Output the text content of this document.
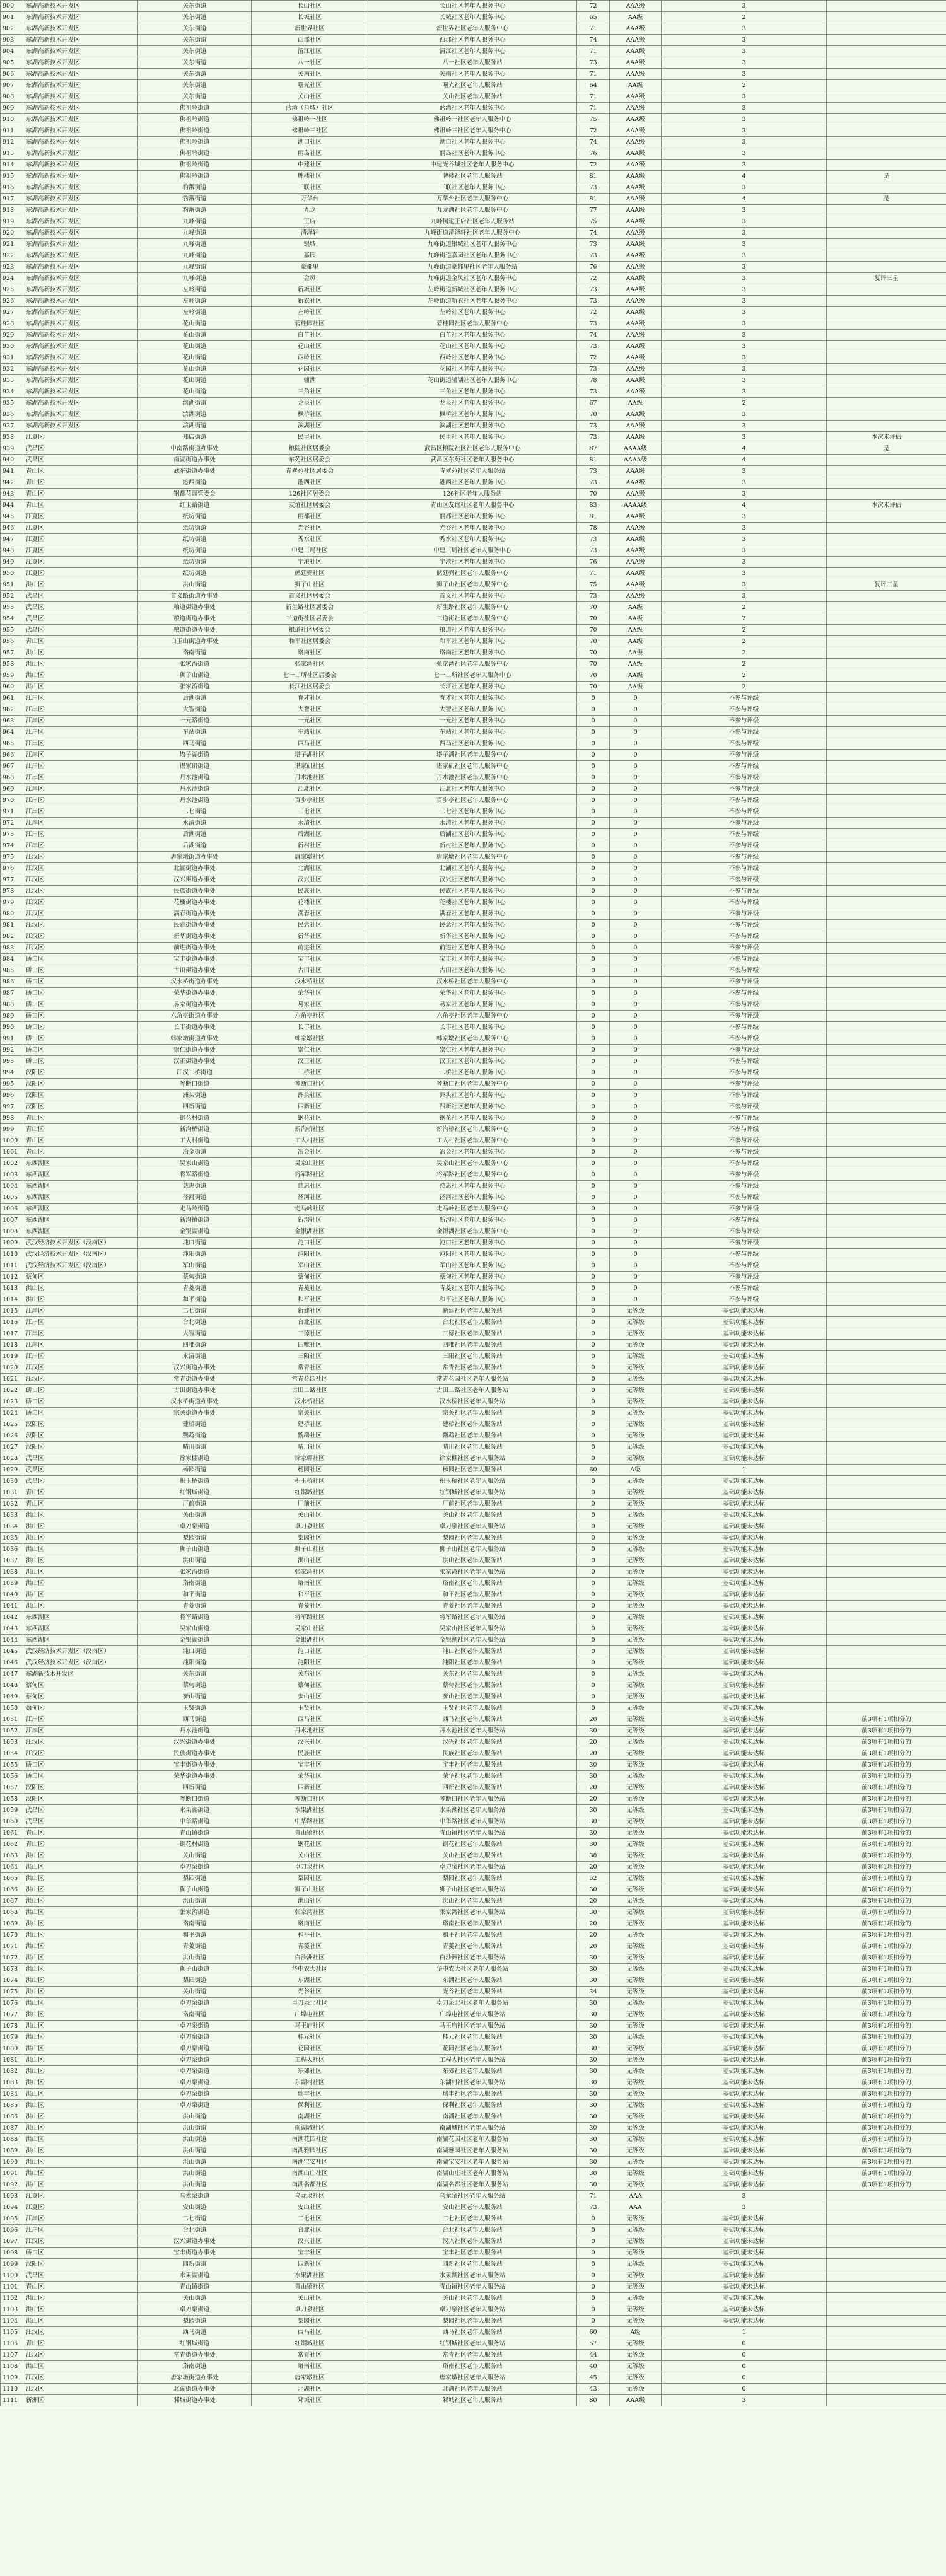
900	东湖高新技术开发区	关东街道	长山社区	长山社区老年人服务中心	72	AAA级	3	
901	东湖高新技术开发区	关东街道	长城社区	长城社区老年人服务中心	65	AA级	2	
902	东湖高新技术开发区	关东街道	新世界社区	新世界社区老年人服务中心	71	AAA级	3	
903	东湖高新技术开发区	关东街道	西郡社区	西郡社区老年人服务中心	74	AAA级	3	
904	东湖高新技术开发区	关东街道	清江社区	清江社区老年人服务中心	71	AAA级	3	
905	东湖高新技术开发区	关东街道	八一社区	八一社区老年人服务站	73	AAA级	3	
906	东湖高新技术开发区	关东街道	关南社区	关南社区老年人服务中心	71	AAA级	3	
907	东湖高新技术开发区	关东街道	曙光社区	曙光社区老年人服务站	64	AA级	2	
908	东湖高新技术开发区	关东街道	关山社区	关山社区老年人服务站	71	AAA级	3	
909	东湖高新技术开发区	佛祖岭街道	蓝湾（星城）社区	蓝湾社区老年人服务中心	71	AAA级	3	
910	东湖高新技术开发区	佛祖岭街道	佛祖岭一社区	佛祖岭一社区老年人服务中心	75	AAA级	3	
911	东湖高新技术开发区	佛祖岭街道	佛祖岭三社区	佛祖岭三社区老年人服务中心	72	AAA级	3	
912	东湖高新技术开发区	佛祖岭街道	湖口社区	湖口社区老年人服务中心	74	AAA级	3	
913	东湖高新技术开发区	佛祖岭街道	丽岛社区	丽岛社区老年人服务中心	76	AAA级	3	
914	东湖高新技术开发区	佛祖岭街道	中建社区	中建光谷城社区老年人服务中心	72	AAA级	3	
915	东湖高新技术开发区	佛祖岭街道	牌楼社区	牌楼社区老年人服务站	81	AAA级	4	是
916	东湖高新技术开发区	豹澥街道	三联社区	三联社区老年人服务中心	73	AAA级	3	
917	东湖高新技术开发区	豹澥街道	万华台	万华台社区老年人服务中心	81	AAA级	4	是
918	东湖高新技术开发区	豹澥街道	九龙	九龙湖社区老年人服务中心	77	AAA级	3	
919	东湖高新技术开发区	九峰街道	王店	九峰街道王店社区老年人服务站	75	AAA级	3	
920	东湖高新技术开发区	九峰街道	清泽轩	九峰街道清泽轩社区老年人服务中心	74	AAA级	3	
921	东湖高新技术开发区	九峰街道	银城	九峰街道银城社区老年人服务中心	73	AAA级	3	
922	东湖高新技术开发区	九峰街道	嘉园	九峰街道嘉园社区老年人服务中心	73	AAA级	3	
923	东湖高新技术开发区	九峰街道	豪都里	九峰街道豪都里社区老年人服务站	76	AAA级	3	
924	东湖高新技术开发区	九峰街道	金凤	九峰街道金凤社区老年人服务中心	72	AAA级	3	复评三星
925	东湖高新技术开发区	左岭街道	新城社区	左岭街道新城社区老年人服务中心	73	AAA级	3	
926	东湖高新技术开发区	左岭街道	新农社区	左岭街道新农社区老年人服务中心	73	AAA级	3	
927	东湖高新技术开发区	左岭街道	左岭社区	左岭社区老年人服务中心	72	AAA级	3	
928	东湖高新技术开发区	花山街道	碧桂园社区	碧桂园社区老年人服务中心	73	AAA级	3	
929	东湖高新技术开发区	花山街道	白羊社区	白羊社区老年人服务中心	74	AAA级	3	
930	东湖高新技术开发区	花山街道	花山社区	花山社区老年人服务中心	73	AAA级	3	
931	东湖高新技术开发区	花山街道	西岭社区	西岭社区老年人服务中心	72	AAA级	3	
932	东湖高新技术开发区	花山街道	花园社区	花园社区老年人服务中心	73	AAA级	3	
933	东湖高新技术开发区	花山街道	辅湖	花山街道辅湖社区老年人服务中心	78	AAA级	3	
934	东湖高新技术开发区	花山街道	三角社区	三角社区老年人服务中心	73	AAA级	3	
935	东湖高新技术开发区	滨湖街道	龙泉社区	龙泉社区老年人服务中心	67	AA级	2	
936	东湖高新技术开发区	滨湖街道	枫桥社区	枫桥社区老年人服务中心	70	AAA级	3	
937	东湖高新技术开发区	滨湖街道	滨湖社区	滨湖社区老年人服务中心	73	AAA级	3	
938	江夏区	郑店街道	民主社区	民主社区老年人服务中心	73	AAA级	3	本次未评估
939	武昌区	中南路街道办事处	粮院社区居委会	武昌区粮院社区社区老年人服务中心	87	AAAA级	4	是
940	武昌区	南湖街道办事处	东苑社区居委会	武昌区东苑社区老年人服务中心	81	AAAA级	4	
941	青山区	武东街道办事处	青翠苑社区居委会	青翠苑社区老年人服务站	73	AAA级	3	
942	青山区	港西街道	港西社区	港西社区老年人服务中心	73	AAA级	3	
943	青山区	钢都花园管委会	126社区居委会	126社区老年人服务站	70	AAA级	3	
944	青山区	红卫路街道	友谊社区居委会	青山区友谊社区老年人服务中心	83	AAAA级	4	本次未评估
945	江夏区	纸坊街道	丽都社区	丽都社区老年人服务中心	81	AAA级	3	
946	江夏区	纸坊街道	光谷社区	光谷社区老年人服务中心	78	AAA级	3	
947	江夏区	纸坊街道	秀水社区	秀水社区老年人服务中心	73	AAA级	3	
948	江夏区	纸坊街道	中建三局社区	中建三局社区老年人服务中心	73	AAA级	3	
949	江夏区	纸坊街道	宁港社区	宁港社区老年人服务中心	76	AAA级	3	
950	江夏区	纸坊街道	熊廷弼社区	熊廷弼社区老年人服务中心	71	AAA级	3	
951	洪山区	洪山街道	狮子山社区	狮子山社区老年人服务中心	75	AAA级	3	复评三星
952	武昌区	首义路街道办事处	首义社区居委会	首义社区老年人服务中心	73	AAA级	3	
953	武昌区	粮道街道办事处	新生路社区居委会	新生路社区老年人服务中心	70	AA级	2	
954	武昌区	粮道街道办事处	三道街社区居委会	三道街社区老年人服务中心	70	AA级	2	
955	武昌区	粮道街道办事处	粮道社区居委会	粮道社区老年人服务中心	70	AA级	2	
956	青山区	白玉山街道办事处	和平社区居委会	和平社区老年人服务中心	70	AA级	2	
957	洪山区	珞南街道	珞南社区	珞南社区老年人服务中心	70	AA级	2	
958	洪山区	张家湾街道	张家湾社区	张家湾社区老年人服务中心	70	AA级	2	
959	洪山区	狮子山街道	七一二所社区居委会	七一二所社区老年人服务中心	70	AA级	2	
960	洪山区	张家湾街道	长江社区居委会	长江社区老年人服务中心	70	AA级	2	
961	江岸区	后湖街道	育才社区	育才社区老年人服务中心	0	0	不参与评级	
962	江岸区	大智街道	大智社区	大智社区老年人服务中心	0	0	不参与评级	
963	江岸区	一元路街道	一元社区	一元社区老年人服务中心	0	0	不参与评级	
964	江岸区	车站街道	车站社区	车站社区老年人服务中心	0	0	不参与评级	
965	江岸区	西马街道	西马社区	西马社区老年人服务中心	0	0	不参与评级	
966	江岸区	塔子湖街道	塔子湖社区	塔子湖社区老年人服务中心	0	0	不参与评级	
967	江岸区	谌家矶街道	谌家矶社区	谌家矶社区老年人服务中心	0	0	不参与评级	
968	江岸区	丹水池街道	丹水池社区	丹水池社区老年人服务中心	0	0	不参与评级	
969	江岸区	丹水池街道	江北社区	江北社区老年人服务中心	0	0	不参与评级	
970	江岸区	丹水池街道	百步亭社区	百步亭社区老年人服务中心	0	0	不参与评级	
971	江岸区	二七街道	二七社区	二七社区老年人服务中心	0	0	不参与评级	
972	江岸区	永清街道	永清社区	永清社区老年人服务中心	0	0	不参与评级	
973	江岸区	后湖街道	后湖社区	后湖社区老年人服务中心	0	0	不参与评级	
974	江岸区	后湖街道	新村社区	新村社区老年人服务中心	0	0	不参与评级	
975	江汉区	唐家墩街道办事处	唐家墩社区	唐家墩社区老年人服务中心	0	0	不参与评级	
976	江汉区	北湖街道办事处	北湖社区	北湖社区老年人服务中心	0	0	不参与评级	
977	江汉区	汉兴街道办事处	汉兴社区	汉兴社区老年人服务中心	0	0	不参与评级	
978	江汉区	民族街道办事处	民族社区	民族社区老年人服务中心	0	0	不参与评级	
979	江汉区	花楼街道办事处	花楼社区	花楼社区老年人服务中心	0	0	不参与评级	
980	江汉区	满春街道办事处	满春社区	满春社区老年人服务中心	0	0	不参与评级	
981	江汉区	民意街道办事处	民意社区	民意社区老年人服务中心	0	0	不参与评级	
982	江汉区	新华街道办事处	新华社区	新华社区老年人服务中心	0	0	不参与评级	
983	江汉区	前进街道办事处	前进社区	前进社区老年人服务中心	0	0	不参与评级	
984	硚口区	宝丰街道办事处	宝丰社区	宝丰社区老年人服务中心	0	0	不参与评级	
985	硚口区	古田街道办事处	古田社区	古田社区老年人服务中心	0	0	不参与评级	
986	硚口区	汉水桥街道办事处	汉水桥社区	汉水桥社区老年人服务中心	0	0	不参与评级	
987	硚口区	荣华街道办事处	荣华社区	荣华社区老年人服务中心	0	0	不参与评级	
988	硚口区	易家街道办事处	易家社区	易家社区老年人服务中心	0	0	不参与评级	
989	硚口区	六角亭街道办事处	六角亭社区	六角亭社区老年人服务中心	0	0	不参与评级	
990	硚口区	长丰街道办事处	长丰社区	长丰社区老年人服务中心	0	0	不参与评级	
991	硚口区	韩家墩街道办事处	韩家墩社区	韩家墩社区老年人服务中心	0	0	不参与评级	
992	硚口区	崇仁街道办事处	崇仁社区	崇仁社区老年人服务中心	0	0	不参与评级	
993	硚口区	汉正街道办事处	汉正社区	汉正社区老年人服务中心	0	0	不参与评级	
994	汉阳区	江汉二桥街道	二桥社区	二桥社区老年人服务中心	0	0	不参与评级	
995	汉阳区	琴断口街道	琴断口社区	琴断口社区老年人服务中心	0	0	不参与评级	
996	汉阳区	洲头街道	洲头社区	洲头社区老年人服务中心	0	0	不参与评级	
997	汉阳区	四新街道	四新社区	四新社区老年人服务中心	0	0	不参与评级	
998	青山区	钢花村街道	钢花社区	钢花社区老年人服务中心	0	0	不参与评级	
999	青山区	新沟桥街道	新沟桥社区	新沟桥社区老年人服务中心	0	0	不参与评级	
1000	青山区	工人村街道	工人村社区	工人村社区老年人服务中心	0	0	不参与评级	
1001	青山区	冶金街道	冶金社区	冶金社区老年人服务中心	0	0	不参与评级	
1002	东西湖区	吴家山街道	吴家山社区	吴家山社区老年人服务中心	0	0	不参与评级	
1003	东西湖区	将军路街道	将军路社区	将军路社区老年人服务中心	0	0	不参与评级	
1004	东西湖区	慈惠街道	慈惠社区	慈惠社区老年人服务中心	0	0	不参与评级	
1005	东西湖区	径河街道	径河社区	径河社区老年人服务中心	0	0	不参与评级	
1006	东西湖区	走马岭街道	走马岭社区	走马岭社区老年人服务中心	0	0	不参与评级	
1007	东西湖区	新沟镇街道	新沟社区	新沟社区老年人服务中心	0	0	不参与评级	
1008	东西湖区	金银湖街道	金银湖社区	金银湖社区老年人服务中心	0	0	不参与评级	
1009	武汉经济技术开发区（汉南区）	沌口街道	沌口社区	沌口社区老年人服务中心	0	0	不参与评级	
1010	武汉经济技术开发区（汉南区）	沌阳街道	沌阳社区	沌阳社区老年人服务中心	0	0	不参与评级	
1011	武汉经济技术开发区（汉南区）	军山街道	军山社区	军山社区老年人服务中心	0	0	不参与评级	
1012	蔡甸区	蔡甸街道	蔡甸社区	蔡甸社区老年人服务中心	0	0	不参与评级	
1013	洪山区	青菱街道	青菱社区	青菱社区老年人服务中心	0	0	不参与评级	
1014	洪山区	和平街道	和平社区	和平社区老年人服务中心	0	0	不参与评级	
1015	江岸区	二七街道	新建社区	新建社区老年人服务站	0	无等级	基础功能未达标	
1016	江岸区	台北街道	台北社区	台北社区老年人服务站	0	无等级	基础功能未达标	
1017	江岸区	大智街道	三德社区	三德社区老年人服务站	0	无等级	基础功能未达标	
1018	江岸区	四唯街道	四唯社区	四唯社区老年人服务站	0	无等级	基础功能未达标	
1019	江岸区	永清街道	三阳社区	三阳社区老年人服务站	0	无等级	基础功能未达标	
1020	江汉区	汉兴街道办事处	常青社区	常青社区老年人服务站	0	无等级	基础功能未达标	
1021	江汉区	常青街道办事处	常青花园社区	常青花园社区老年人服务站	0	无等级	基础功能未达标	
1022	硚口区	古田街道办事处	古田二路社区	古田二路社区老年人服务站	0	无等级	基础功能未达标	
1023	硚口区	汉水桥街道办事处	汉水桥社区	汉水桥社区老年人服务站	0	无等级	基础功能未达标	
1024	硚口区	宗关街道办事处	宗关社区	宗关社区老年人服务站	0	无等级	基础功能未达标	
1025	汉阳区	建桥街道	建桥社区	建桥社区老年人服务站	0	无等级	基础功能未达标	
1026	汉阳区	鹦鹉街道	鹦鹉社区	鹦鹉社区老年人服务站	0	无等级	基础功能未达标	
1027	汉阳区	晴川街道	晴川社区	晴川社区老年人服务站	0	无等级	基础功能未达标	
1028	武昌区	徐家棚街道	徐家棚社区	徐家棚社区老年人服务站	0	无等级	基础功能未达标	
1029	武昌区	杨园街道	杨园社区	杨园社区老年人服务站	60	A级	1	
1030	武昌区	积玉桥街道	积玉桥社区	积玉桥社区老年人服务站	0	无等级	基础功能未达标	
1031	青山区	红钢城街道	红钢城社区	红钢城社区老年人服务站	0	无等级	基础功能未达标	
1032	青山区	厂前街道	厂前社区	厂前社区老年人服务站	0	无等级	基础功能未达标	
1033	洪山区	关山街道	关山社区	关山社区老年人服务站	0	无等级	基础功能未达标	
1034	洪山区	卓刀泉街道	卓刀泉社区	卓刀泉社区老年人服务站	0	无等级	基础功能未达标	
1035	洪山区	梨园街道	梨园社区	梨园社区老年人服务站	0	无等级	基础功能未达标	
1036	洪山区	狮子山街道	狮子山社区	狮子山社区老年人服务站	0	无等级	基础功能未达标	
1037	洪山区	洪山街道	洪山社区	洪山社区老年人服务站	0	无等级	基础功能未达标	
1038	洪山区	张家湾街道	张家湾社区	张家湾社区老年人服务站	0	无等级	基础功能未达标	
1039	洪山区	珞南街道	珞南社区	珞南社区老年人服务站	0	无等级	基础功能未达标	
1040	洪山区	和平街道	和平社区	和平社区老年人服务站	0	无等级	基础功能未达标	
1041	洪山区	青菱街道	青菱社区	青菱社区老年人服务站	0	无等级	基础功能未达标	
1042	东西湖区	将军路街道	将军路社区	将军路社区老年人服务站	0	无等级	基础功能未达标	
1043	东西湖区	吴家山街道	吴家山社区	吴家山社区老年人服务站	0	无等级	基础功能未达标	
1044	东西湖区	金银湖街道	金银湖社区	金银湖社区老年人服务站	0	无等级	基础功能未达标	
1045	武汉经济技术开发区（汉南区）	沌口街道	沌口社区	沌口社区老年人服务站	0	无等级	基础功能未达标	
1046	武汉经济技术开发区（汉南区）	沌阳街道	沌阳社区	沌阳社区老年人服务站	0	无等级	基础功能未达标	
1047	东湖新技术开发区	关东街道	关东社区	关东社区老年人服务站	0	无等级	基础功能未达标	
1048	蔡甸区	蔡甸街道	蔡甸社区	蔡甸社区老年人服务站	0	无等级	基础功能未达标	
1049	蔡甸区	奓山街道	奓山社区	奓山社区老年人服务站	0	无等级	基础功能未达标	
1050	蔡甸区	玉贤街道	玉贤社区	玉贤社区老年人服务站	0	无等级	基础功能未达标	
1051	江岸区	西马街道	西马社区	西马社区老年人服务站	20	无等级	基础功能未达标	前3项有1项扣分的
1052	江岸区	丹水池街道	丹水池社区	丹水池社区老年人服务站	30	无等级	基础功能未达标	前3项有1项扣分的
1053	江汉区	汉兴街道办事处	汉兴社区	汉兴社区老年人服务站	20	无等级	基础功能未达标	前3项有1项扣分的
1054	江汉区	民族街道办事处	民族社区	民族社区老年人服务站	20	无等级	基础功能未达标	前3项有1项扣分的
1055	硚口区	宝丰街道办事处	宝丰社区	宝丰社区老年人服务站	30	无等级	基础功能未达标	前3项有1项扣分的
1056	硚口区	荣华街道办事处	荣华社区	荣华社区老年人服务站	30	无等级	基础功能未达标	前3项有1项扣分的
1057	汉阳区	四新街道	四新社区	四新社区老年人服务站	20	无等级	基础功能未达标	前3项有1项扣分的
1058	汉阳区	琴断口街道	琴断口社区	琴断口社区老年人服务站	20	无等级	基础功能未达标	前3项有1项扣分的
1059	武昌区	水果湖街道	水果湖社区	水果湖社区老年人服务站	30	无等级	基础功能未达标	前3项有1项扣分的
1060	武昌区	中华路街道	中华路社区	中华路社区老年人服务站	30	无等级	基础功能未达标	前3项有1项扣分的
1061	青山区	青山镇街道	青山镇社区	青山镇社区老年人服务站	30	无等级	基础功能未达标	前3项有1项扣分的
1062	青山区	钢花村街道	钢花社区	钢花社区老年人服务站	30	无等级	基础功能未达标	前3项有1项扣分的
1063	洪山区	关山街道	关山社区	关山社区老年人服务站	38	无等级	基础功能未达标	前3项有1项扣分的
1064	洪山区	卓刀泉街道	卓刀泉社区	卓刀泉社区老年人服务站	20	无等级	基础功能未达标	前3项有1项扣分的
1065	洪山区	梨园街道	梨园社区	梨园社区老年人服务站	52	无等级	基础功能未达标	前3项有1项扣分的
1066	洪山区	狮子山街道	狮子山社区	狮子山社区老年人服务站	30	无等级	基础功能未达标	前3项有1项扣分的
1067	洪山区	洪山街道	洪山社区	洪山社区老年人服务站	20	无等级	基础功能未达标	前3项有1项扣分的
1068	洪山区	张家湾街道	张家湾社区	张家湾社区老年人服务站	30	无等级	基础功能未达标	前3项有1项扣分的
1069	洪山区	珞南街道	珞南社区	珞南社区老年人服务站	20	无等级	基础功能未达标	前3项有1项扣分的
1070	洪山区	和平街道	和平社区	和平社区老年人服务站	20	无等级	基础功能未达标	前3项有1项扣分的
1071	洪山区	青菱街道	青菱社区	青菱社区老年人服务站	20	无等级	基础功能未达标	前3项有1项扣分的
1072	洪山区	洪山街道	白沙洲社区	白沙洲社区老年人服务站	30	无等级	基础功能未达标	前3项有1项扣分的
1073	洪山区	狮子山街道	华中农大社区	华中农大社区老年人服务站	30	无等级	基础功能未达标	前3项有1项扣分的
1074	洪山区	梨园街道	东湖社区	东湖社区老年人服务站	30	无等级	基础功能未达标	前3项有1项扣分的
1075	洪山区	关山街道	光谷社区	光谷社区老年人服务站	34	无等级	基础功能未达标	前3项有1项扣分的
1076	洪山区	卓刀泉街道	卓刀泉北社区	卓刀泉北社区老年人服务站	30	无等级	基础功能未达标	前3项有1项扣分的
1077	洪山区	珞南街道	广埠屯社区	广埠屯社区老年人服务站	30	无等级	基础功能未达标	前3项有1项扣分的
1078	洪山区	卓刀泉街道	马王庙社区	马王庙社区老年人服务站	30	无等级	基础功能未达标	前3项有1项扣分的
1079	洪山区	卓刀泉街道	桂元社区	桂元社区老年人服务站	30	无等级	基础功能未达标	前3项有1项扣分的
1080	洪山区	卓刀泉街道	花园社区	花园社区老年人服务站	30	无等级	基础功能未达标	前3项有1项扣分的
1081	洪山区	卓刀泉街道	工程大社区	工程大社区老年人服务站	30	无等级	基础功能未达标	前3项有1项扣分的
1082	洪山区	卓刀泉街道	东郊社区	东郊社区老年人服务站	30	无等级	基础功能未达标	前3项有1项扣分的
1083	洪山区	卓刀泉街道	东湖村社区	东湖村社区老年人服务站	30	无等级	基础功能未达标	前3项有1项扣分的
1084	洪山区	卓刀泉街道	瑞丰社区	瑞丰社区老年人服务站	30	无等级	基础功能未达标	前3项有1项扣分的
1085	洪山区	卓刀泉街道	保利社区	保利社区老年人服务站	30	无等级	基础功能未达标	前3项有1项扣分的
1086	洪山区	洪山街道	南湖社区	南湖社区老年人服务站	30	无等级	基础功能未达标	前3项有1项扣分的
1087	洪山区	洪山街道	南湖城社区	南湖城社区老年人服务站	30	无等级	基础功能未达标	前3项有1项扣分的
1088	洪山区	洪山街道	南湖花园社区	南湖花园社区老年人服务站	30	无等级	基础功能未达标	前3项有1项扣分的
1089	洪山区	洪山街道	南湖雅园社区	南湖雅园社区老年人服务站	30	无等级	基础功能未达标	前3项有1项扣分的
1090	洪山区	洪山街道	南湖宝安社区	南湖宝安社区老年人服务站	30	无等级	基础功能未达标	前3项有1项扣分的
1091	洪山区	洪山街道	南湖山庄社区	南湖山庄社区老年人服务站	30	无等级	基础功能未达标	前3项有1项扣分的
1092	洪山区	洪山街道	南湖名都社区	南湖名都社区老年人服务站	30	无等级	基础功能未达标	前3项有1项扣分的
1093	江夏区	乌龙泉街道	乌龙泉社区	乌龙泉社区老年人服务站	71	AAA	3	
1094	江夏区	安山街道	安山社区	安山社区老年人服务站	73	AAA	3	
1095	江岸区	二七街道	二七社区	二七社区老年人服务站	0	无等级	基础功能未达标	
1096	江岸区	台北街道	台北社区	台北社区老年人服务站	0	无等级	基础功能未达标	
1097	江汉区	汉兴街道办事处	汉兴社区	汉兴社区老年人服务站	0	无等级	基础功能未达标	
1098	硚口区	宝丰街道办事处	宝丰社区	宝丰社区老年人服务站	0	无等级	基础功能未达标	
1099	汉阳区	四新街道	四新社区	四新社区老年人服务站	0	无等级	基础功能未达标	
1100	武昌区	水果湖街道	水果湖社区	水果湖社区老年人服务站	0	无等级	基础功能未达标	
1101	青山区	青山镇街道	青山镇社区	青山镇社区老年人服务站	0	无等级	基础功能未达标	
1102	洪山区	关山街道	关山社区	关山社区老年人服务站	0	无等级	基础功能未达标	
1103	洪山区	卓刀泉街道	卓刀泉社区	卓刀泉社区老年人服务站	0	无等级	基础功能未达标	
1104	洪山区	梨园街道	梨园社区	梨园社区老年人服务站	0	无等级	基础功能未达标	
1105	江汉区	西马街道	西马社区	西马社区老年人服务站	60	A级	1	
1106	青山区	红钢城街道	红钢城社区	红钢城社区老年人服务站	57	无等级	0	
1107	江汉区	常青街道办事处	常青社区	常青社区老年人服务站	44	无等级	0	
1108	洪山区	珞南街道	珞南社区	珞南社区老年人服务站	40	无等级	0	
1109	江汉区	唐家墩街道办事处	唐家墩社区	唐家墩社区老年人服务站	45	无等级	0	
1110	江汉区	北湖街道办事处	北湖社区	北湖社区老年人服务站	43	无等级	0	
1111	新洲区	邾城街道办事处	邾城社区	邾城社区老年人服务站	80	AAA级	3	
